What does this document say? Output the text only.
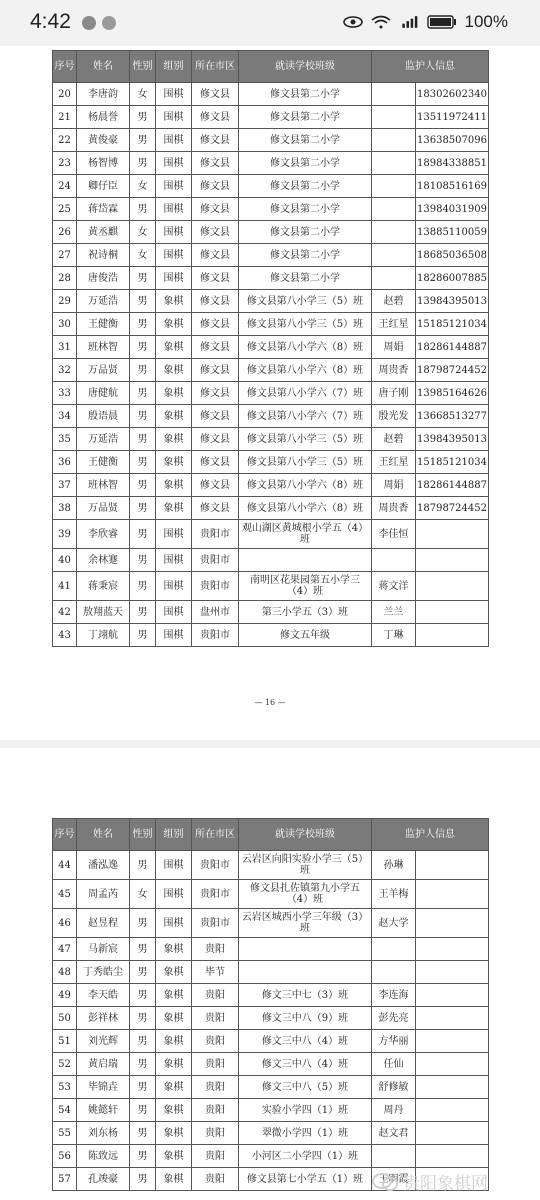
4:42	100%
序号	姓名	性别	组别	所在市区	就读学校班级	监护人信息	
20	李唐韵	女	围棋	修文县	修文县第二小学		18302602340
21	杨晨誉	男	围棋	修文县	修文县第二小学		13511972411
22	黄俊豪	男	围棋	修文县	修文县第二小学		13638507096
23	杨智博	男	围棋	修文县	修文县第二小学		18984338851
24	卿仔臣	女	围棋	修文县	修文县第二小学		18108516169
25	蒋岱霖	男	围棋	修文县	修文县第二小学		13984031909
26	黄丞麒	女	围棋	修文县	修文县第二小学		13885110059
27	祝诗桐	女	围棋	修文县	修文县第二小学		18685036508
28	唐俊浩	男	围棋	修文县	修文县第二小学		18286007885
29	万延浩	男	象棋	修文县	修文县第八小学三（5）班	赵碧	13984395013
30	王健衡	男	象棋	修文县	修文县第八小学三（5）班	王红星	15185121034
31	班林智	男	象棋	修文县	修文县第八小学六（8）班	周娟	18286144887
32	万品贤	男	象棋	修文县	修文县第八小学六（8）班	周贵香	18798724452
33	唐健航	男	象棋	修文县	修文县第八小学六（7）班	唐子刚	13985164626
34	殷语晨	男	象棋	修文县	修文县第八小学六（7）班	殷光发	13668513277
35	万延浩	男	象棋	修文县	修文县第八小学三（5）班	赵碧	13984395013
36	王健衡	男	象棋	修文县	修文县第八小学三（5）班	王红星	15185121034
37	班林智	男	象棋	修文县	修文县第八小学六（8）班	周娟	18286144887
38	万品贤	男	象棋	修文县	修文县第八小学六（8）班	周贵香	18798724452
39	李欣睿	男	围棋	贵阳市	观山湖区黄城根小学五（4）班	李佳恒	
40	余林蹇	男	围棋	贵阳市			
41	蒋秉宸	男	围棋	贵阳市	南明区花果园第五小学三（4）班	蒋文洋	
42	敖翔蓝天	男	围棋	盘州市	第三小学五（3）班	兰兰	
43	丁翊航	男	围棋	贵阳市	修文五年级	丁琳	
— 16 —
序号	姓名	性别	组别	所在市区	就读学校班级	监护人信息	
44	潘泓逸	男	围棋	贵阳市	云岩区向阳实验小学三（5）班	孙琳	
45	周孟芮	女	围棋	贵阳市	修文县扎佐镇第九小学五（4）班	王羊梅	
46	赵昱程	男	围棋	贵阳市	云岩区城西小学三年级（3）班	赵大学	
47	马新宸	男	象棋	贵阳			
48	丁秀皓尘	男	象棋	毕节			
49	李天皓	男	象棋	贵阳	修文三中七（3）班	李连海	
50	彭祥林	男	象棋	贵阳	修文三中八（9）班	彭先亮	
51	刘光辉	男	象棋	贵阳	修文三中八（4）班	方华丽	
52	黄启瑞	男	象棋	贵阳	修文三中八（4）班	任仙	
53	毕锦垚	男	象棋	贵阳	修文三中八（5）班	舒修敏	
54	姚懿轩	男	象棋	贵阳	实验小学四（1）班	周丹	
55	刘东杨	男	象棋	贵阳	翠微小学四（1）班	赵文君	
56	陈致远	男	象棋	贵阳	小河区二小学四（1）班		
57	孔竣豪	男	象棋	贵阳	修文县第七小学五（1）班	王明霞	
贵阳象棋网
